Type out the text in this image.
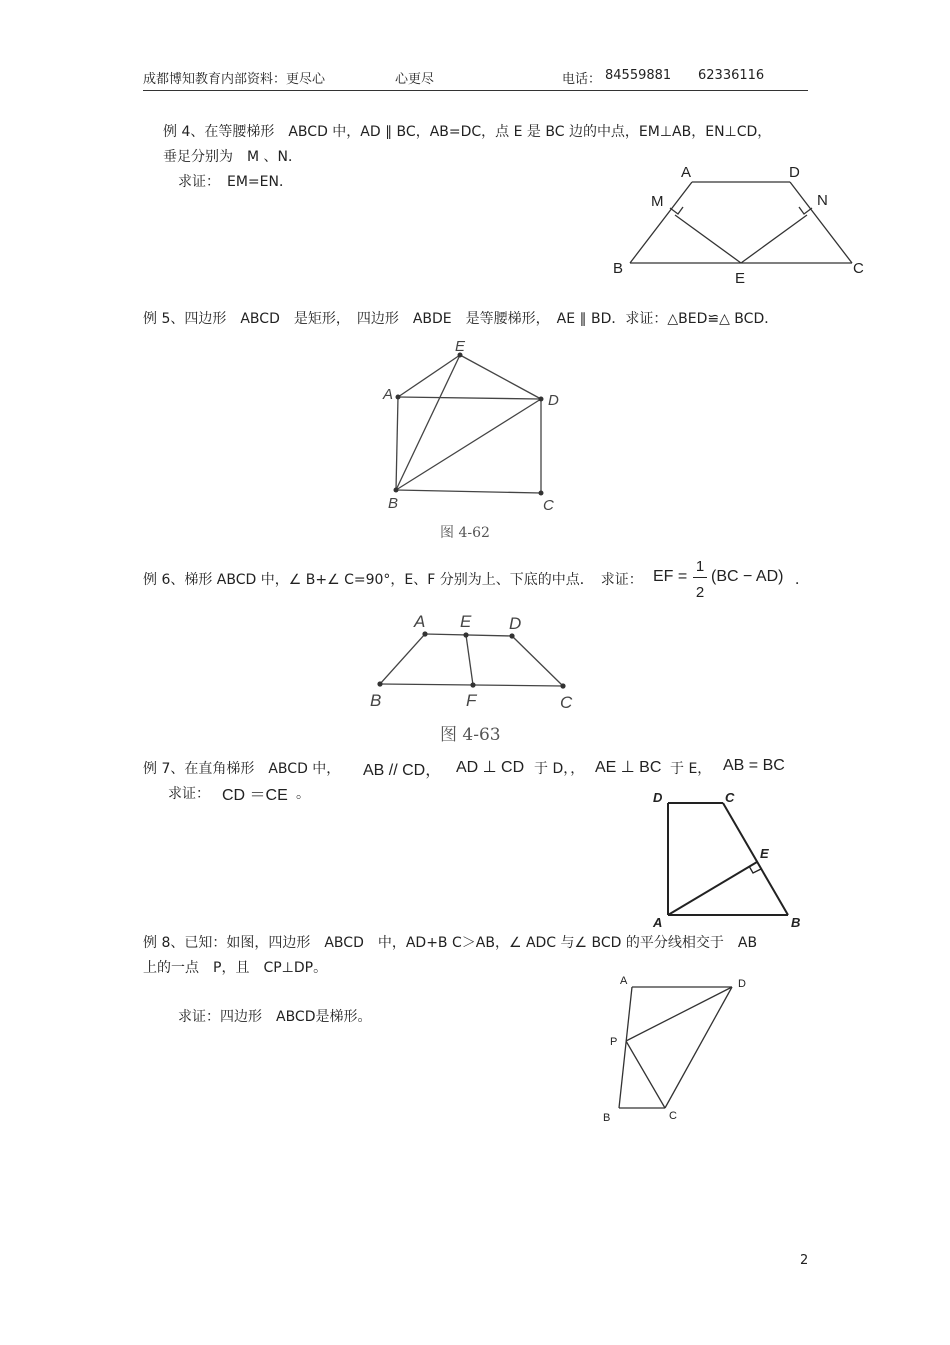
成都博知教育内部资料：更尽心	心更尽	电话： 84559881 62336116
例 4、在等腰梯形　ABCD 中，AD ∥ BC，AB=DC，点 E 是 BC 边的中点，EM⊥AB，EN⊥CD，
垂足分别为　M 、N．
求证：　EM=EN．
A	D
M	N
B
E
C
例 5、四边形　ABCD　是矩形，　四边形　ABDE　是等腰梯形，　AE ∥ BD．求证：△BED≌△ BCD．
E
A	D
B	C
图 4-62
例 6、梯形 ABCD 中，∠ B+∠ C=90°，E、F 分别为上、下底的中点．　求证： EF =
1
2
(BC − AD) ．
A E D
B	F	C
图 4-63
例 7、在直角梯形　ABCD 中， AB // CD， AD ⊥ CD 于 D，， AE ⊥ BC 于 E， AB = BC
求证： CD ＝CE 。	D	C
E
A	B
例 8、已知：如图，四边形　ABCD　中，AD+B C＞AB，∠ ADC 与∠ BCD 的平分线相交于　AB
上的一点　P，且　CP⊥DP。
求证：四边形　ABCD是梯形。
A	D
P
B	C
2
